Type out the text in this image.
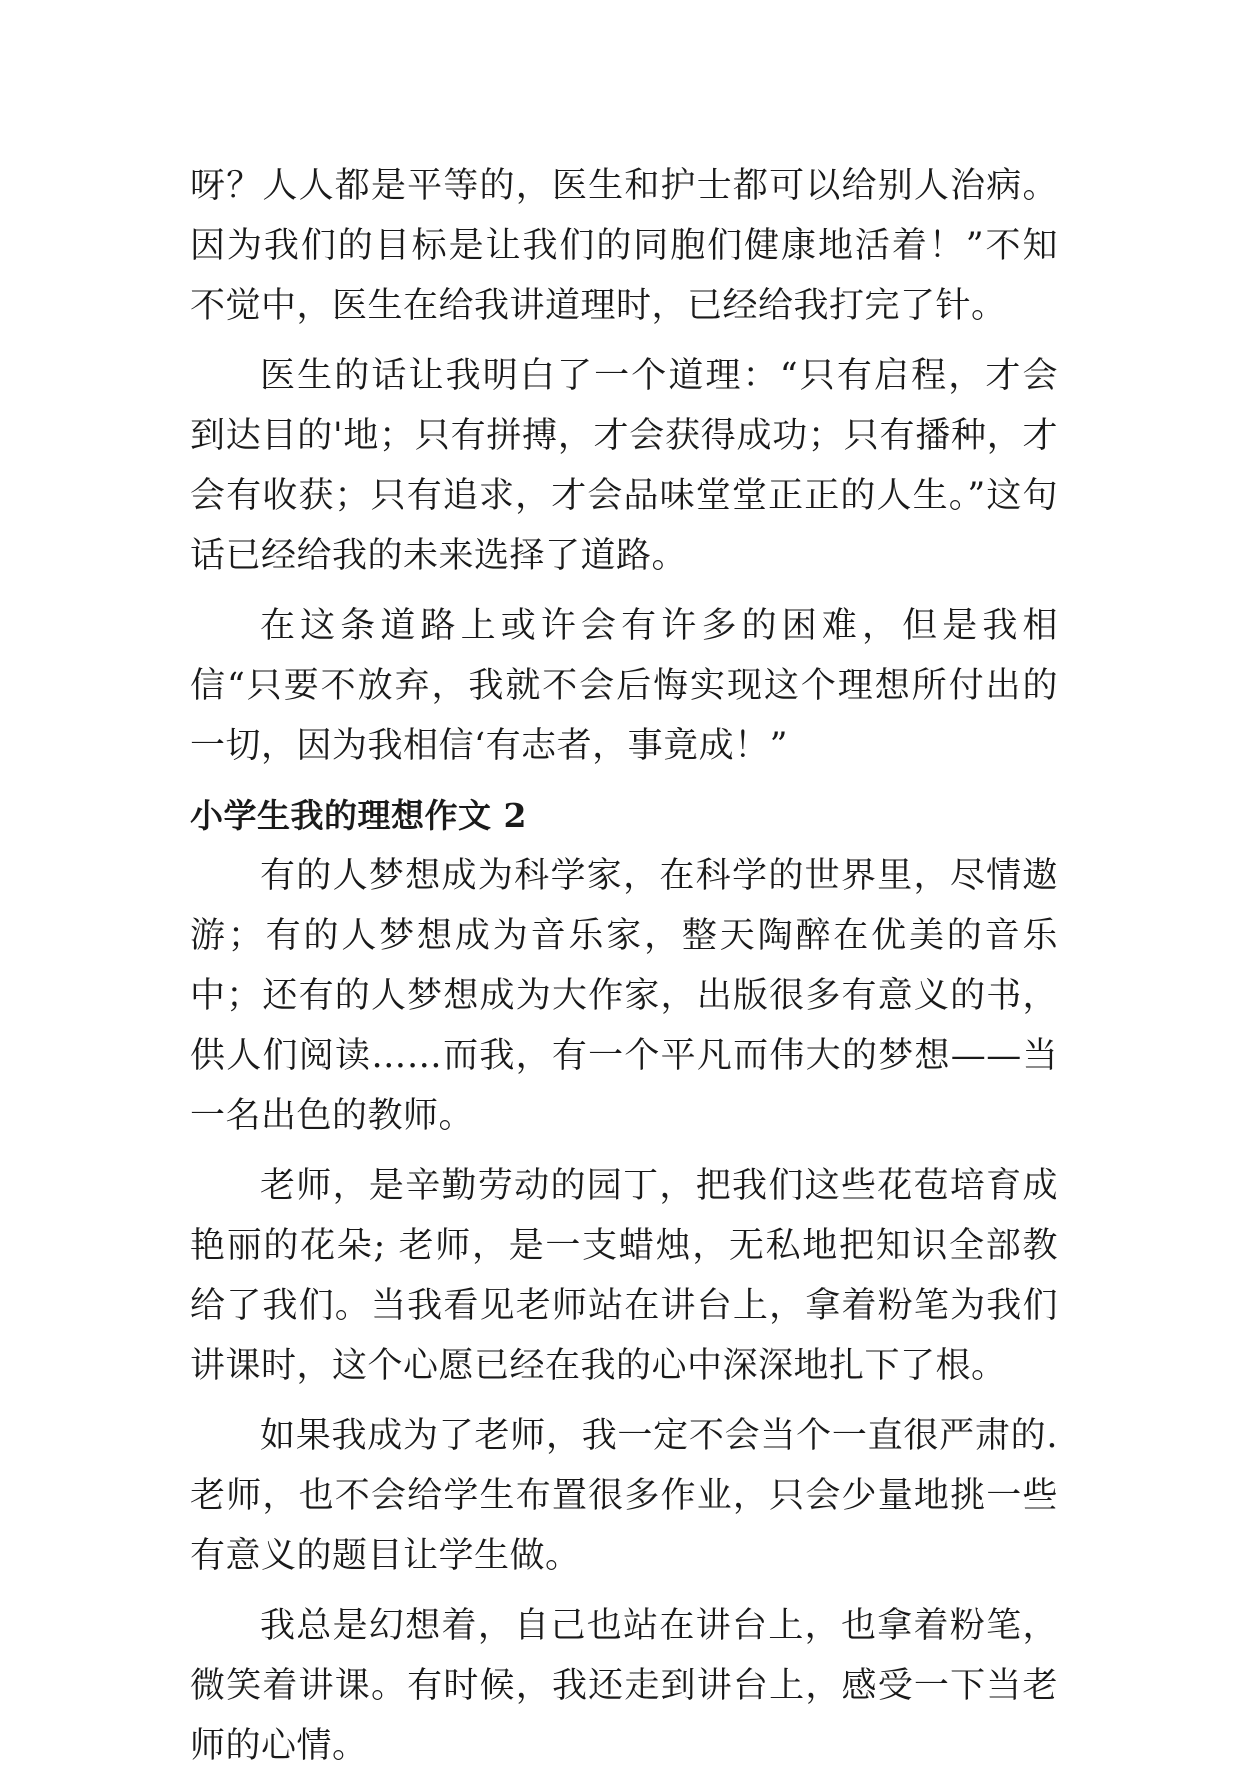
呀？人人都是平等的，医生和护士都可以给别人治病。因为我们的目标是让我们的同胞们健康地活着！”不知不觉中，医生在给我讲道理时，已经给我打完了针。

医生的话让我明白了一个道理：“只有启程，才会到达目的'地；只有拼搏，才会获得成功；只有播种，才会有收获；只有追求，才会品味堂堂正正的人生。”这句话已经给我的未来选择了道路。

在这条道路上或许会有许多的困难，但是我相信“只要不放弃，我就不会后悔实现这个理想所付出的一切，因为我相信‘有志者，事竟成！”

小学生我的理想作文 2

有的人梦想成为科学家，在科学的世界里，尽情遨游；有的人梦想成为音乐家，整天陶醉在优美的音乐中；还有的人梦想成为大作家，出版很多有意义的书，供人们阅读……而我，有一个平凡而伟大的梦想——当一名出色的教师。

老师，是辛勤劳动的园丁，把我们这些花苞培育成艳丽的花朵; 老师，是一支蜡烛，无私地把知识全部教给了我们。当我看见老师站在讲台上，拿着粉笔为我们讲课时，这个心愿已经在我的心中深深地扎下了根。

如果我成为了老师，我一定不会当个一直很严肃的.老师，也不会给学生布置很多作业，只会少量地挑一些有意义的题目让学生做。

我总是幻想着，自己也站在讲台上，也拿着粉笔，微笑着讲课。有时候，我还走到讲台上，感受一下当老师的心情。
